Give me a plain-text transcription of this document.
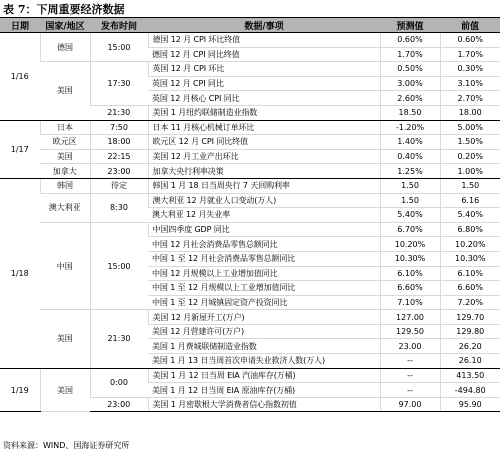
表 7：下周重要经济数据
日期	国家/地区	发布时间	数据/事项	预测值	前值
1/16	德国	15:00	德国 12 月 CPI 环比终值	0.60%	0.60%
			德国 12 月 CPI 同比终值	1.70%	1.70%
	美国	17:30	英国 12 月 CPI 环比	0.50%	0.30%
			英国 12 月 CPI 同比	3.00%	3.10%
			英国 12 月核心 CPI 同比	2.60%	2.70%
		21:30	美国 1 月纽约联储制造业指数	18.50	18.00
1/17	日本	7:50	日本 11 月核心机械订单环比	-1.20%	5.00%
	欧元区	18:00	欧元区 12 月 CPI 同比终值	1.40%	1.50%
	美国	22:15	美国 12 月工业产出环比	0.40%	0.20%
	加拿大	23:00	加拿大央行利率决策	1.25%	1.00%
1/18	韩国	待定	韩国 1 月 18 日当周央行 7 天回购利率	1.50	1.50
	澳大利亚	8:30	澳大利亚 12 月就业人口变动(万人)	1.50	6.16
			澳大利亚 12 月失业率	5.40%	5.40%
	中国	15:00	中国四季度 GDP 同比	6.70%	6.80%
			中国 12 月社会消费品零售总额同比	10.20%	10.20%
			中国 1 至 12 月社会消费品零售总额同比	10.30%	10.30%
			中国 12 月规模以上工业增加值同比	6.10%	6.10%
			中国 1 至 12 月规模以上工业增加值同比	6.60%	6.60%
			中国 1 至 12 月城镇固定资产投资同比	7.10%	7.20%
	美国	21:30	美国 12 月新屋开工(万户)	127.00	129.70
			美国 12 月营建许可(万户)	129.50	129.80
			美国 1 月费城联储制造业指数	23.00	26.20
			美国 1 月 13 日当周首次申请失业救济人数(万人)	--	26.10
1/19	美国	0:00	美国 1 月 12 日当周 EIA 汽油库存(万桶)	--	413.50
			美国 1 月 12 日当周 EIA 原油库存(万桶)	--	-494.80
		23:00	美国 1 月密歇根大学消费者信心指数初值	97.00	95.90
资料来源：WIND、国海证券研究所
